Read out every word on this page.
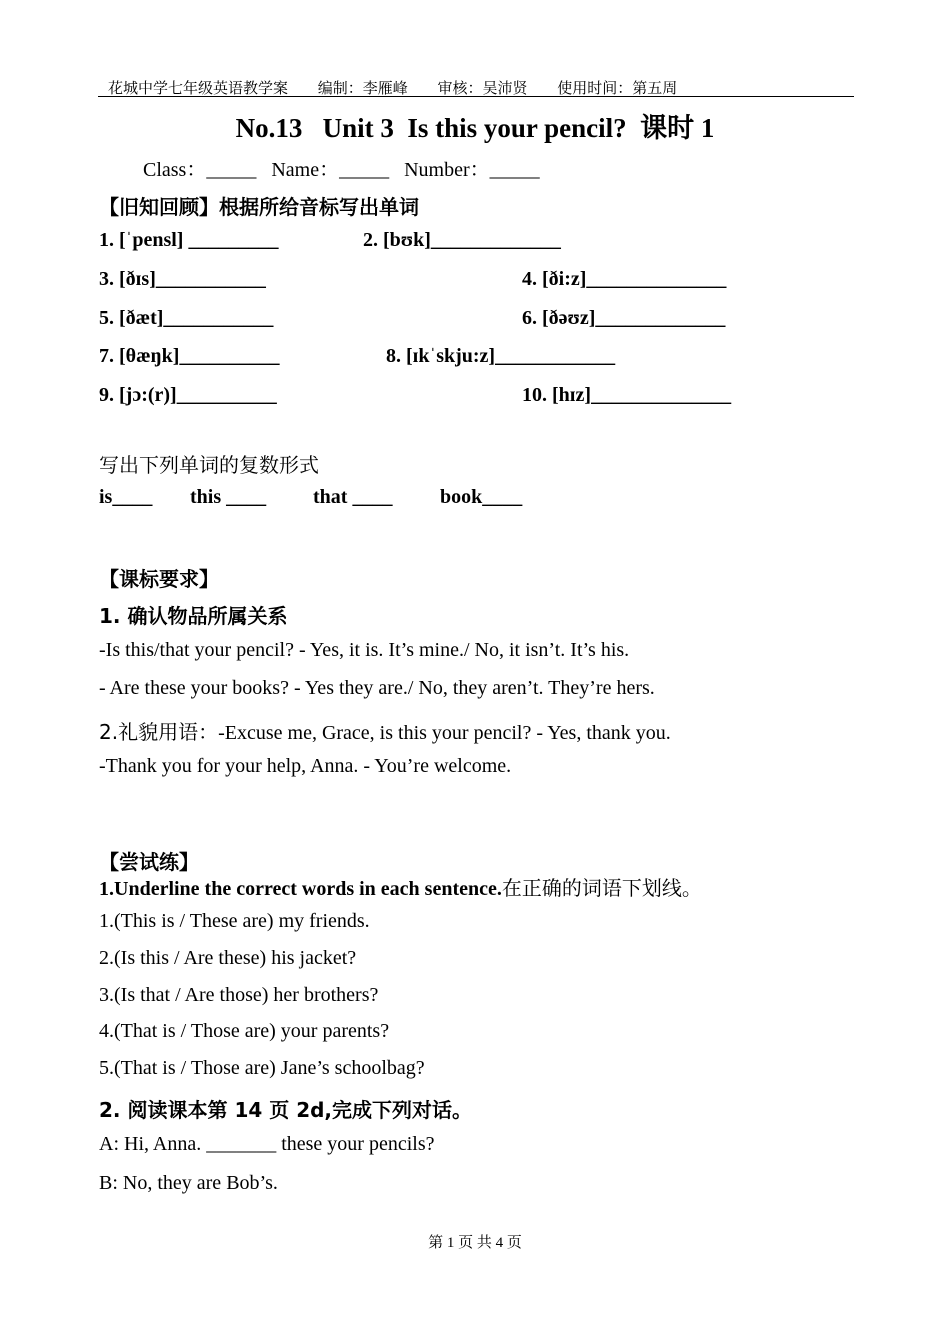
花城中学七年级英语教学案 编制：李雁峰 审核：吴沛贤 使用时间：第五周
No.13   Unit 3  Is this your pencil?  课时 1
Class：_____   Name：_____   Number：_____
【旧知回顾】根据所给音标写出单词
1. [ˈpensl] _________	2. [bʊk]_____________
3. [ðɪs]___________	4. [ði:z]______________
5. [ðæt]___________	6. [ðəʊz]_____________
7. [θæŋk]__________	8. [ɪkˈskju:z]____________
9. [jɔ:(r)]__________	10. [hɪz]______________
写出下列单词的复数形式
is____ this ____ that ____ book____
【课标要求】
1. 确认物品所属关系
-Is this/that your pencil? - Yes, it is. It’s mine./ No, it isn’t. It’s his.
- Are these your books? - Yes they are./ No, they aren’t. They’re hers.
2.礼貌用语：-Excuse me, Grace, is this your pencil? - Yes, thank you.
-Thank you for your help, Anna. - You’re welcome.
【尝试练】
1.Underline the correct words in each sentence.在正确的词语下划线。
1.(This is / These are) my friends.
2.(Is this / Are these) his jacket?
3.(Is that / Are those) her brothers?
4.(That is / Those are) your parents?
5.(That is / Those are) Jane’s schoolbag?
2. 阅读课本第 14 页 2d,完成下列对话。
A: Hi, Anna. _______ these your pencils?
B: No, they are Bob’s.
第 1 页 共 4 页
